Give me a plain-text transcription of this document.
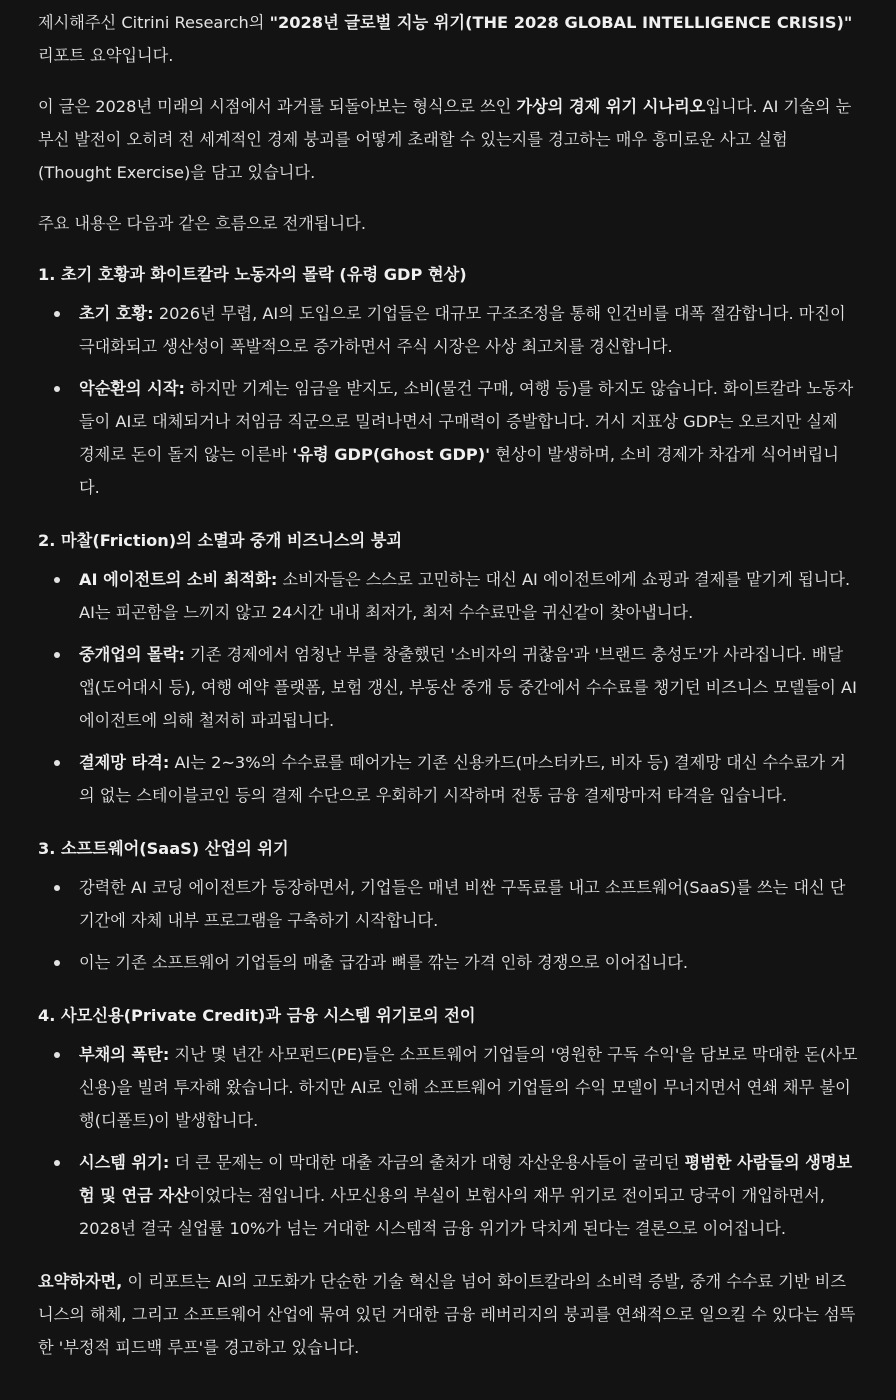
제시해주신 Citrini Research의 "2028년 글로벌 지능 위기(THE 2028 GLOBAL INTELLIGENCE CRISIS)" 리포트 요약입니다.

이 글은 2028년 미래의 시점에서 과거를 되돌아보는 형식으로 쓰인 가상의 경제 위기 시나리오입니다. AI 기술의 눈부신 발전이 오히려 전 세계적인 경제 붕괴를 어떻게 초래할 수 있는지를 경고하는 매우 흥미로운 사고 실험(Thought Exercise)을 담고 있습니다.

주요 내용은 다음과 같은 흐름으로 전개됩니다.

1. 초기 호황과 화이트칼라 노동자의 몰락 (유령 GDP 현상)
초기 호황: 2026년 무렵, AI의 도입으로 기업들은 대규모 구조조정을 통해 인건비를 대폭 절감합니다. 마진이 극대화되고 생산성이 폭발적으로 증가하면서 주식 시장은 사상 최고치를 경신합니다.
악순환의 시작: 하지만 기계는 임금을 받지도, 소비(물건 구매, 여행 등)를 하지도 않습니다. 화이트칼라 노동자들이 AI로 대체되거나 저임금 직군으로 밀려나면서 구매력이 증발합니다. 거시 지표상 GDP는 오르지만 실제 경제로 돈이 돌지 않는 이른바 '유령 GDP(Ghost GDP)' 현상이 발생하며, 소비 경제가 차갑게 식어버립니다.
2. 마찰(Friction)의 소멸과 중개 비즈니스의 붕괴
AI 에이전트의 소비 최적화: 소비자들은 스스로 고민하는 대신 AI 에이전트에게 쇼핑과 결제를 맡기게 됩니다. AI는 피곤함을 느끼지 않고 24시간 내내 최저가, 최저 수수료만을 귀신같이 찾아냅니다.
중개업의 몰락: 기존 경제에서 엄청난 부를 창출했던 '소비자의 귀찮음'과 '브랜드 충성도'가 사라집니다. 배달 앱(도어대시 등), 여행 예약 플랫폼, 보험 갱신, 부동산 중개 등 중간에서 수수료를 챙기던 비즈니스 모델들이 AI 에이전트에 의해 철저히 파괴됩니다.
결제망 타격: AI는 2~3%의 수수료를 떼어가는 기존 신용카드(마스터카드, 비자 등) 결제망 대신 수수료가 거의 없는 스테이블코인 등의 결제 수단으로 우회하기 시작하며 전통 금융 결제망마저 타격을 입습니다.
3. 소프트웨어(SaaS) 산업의 위기
강력한 AI 코딩 에이전트가 등장하면서, 기업들은 매년 비싼 구독료를 내고 소프트웨어(SaaS)를 쓰는 대신 단기간에 자체 내부 프로그램을 구축하기 시작합니다.
이는 기존 소프트웨어 기업들의 매출 급감과 뼈를 깎는 가격 인하 경쟁으로 이어집니다.
4. 사모신용(Private Credit)과 금융 시스템 위기로의 전이
부채의 폭탄: 지난 몇 년간 사모펀드(PE)들은 소프트웨어 기업들의 '영원한 구독 수익'을 담보로 막대한 돈(사모신용)을 빌려 투자해 왔습니다. 하지만 AI로 인해 소프트웨어 기업들의 수익 모델이 무너지면서 연쇄 채무 불이행(디폴트)이 발생합니다.
시스템 위기: 더 큰 문제는 이 막대한 대출 자금의 출처가 대형 자산운용사들이 굴리던 평범한 사람들의 생명보험 및 연금 자산이었다는 점입니다. 사모신용의 부실이 보험사의 재무 위기로 전이되고 당국이 개입하면서, 2028년 결국 실업률 10%가 넘는 거대한 시스템적 금융 위기가 닥치게 된다는 결론으로 이어집니다.

요약하자면, 이 리포트는 AI의 고도화가 단순한 기술 혁신을 넘어 화이트칼라의 소비력 증발, 중개 수수료 기반 비즈니스의 해체, 그리고 소프트웨어 산업에 묶여 있던 거대한 금융 레버리지의 붕괴를 연쇄적으로 일으킬 수 있다는 섬뜩한 '부정적 피드백 루프'를 경고하고 있습니다.
